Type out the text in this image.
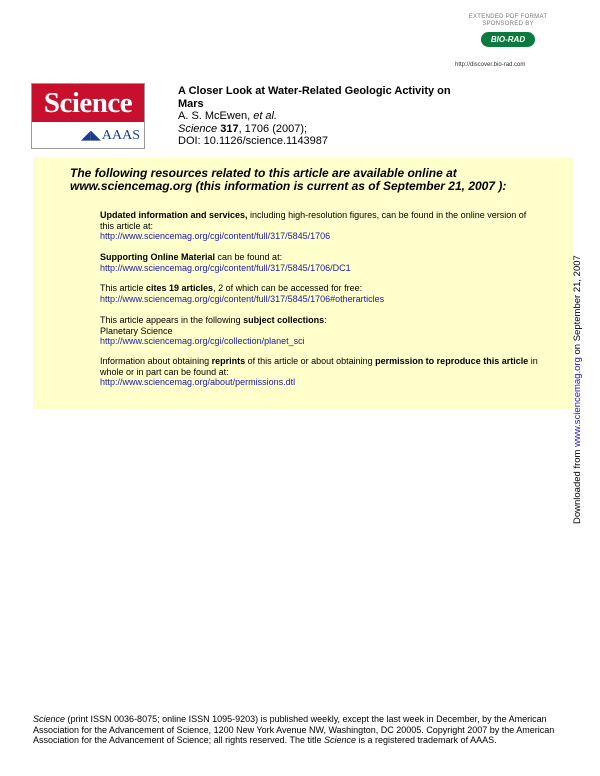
EXTENDED PDF FORMAT
SPONSORED BY
BIO-RAD
http://discover.bio-rad.com
Science
◢◣AAAS
A Closer Look at Water-Related Geologic Activity on Mars
A. S. McEwen, et al.
Science 317, 1706 (2007);
DOI: 10.1126/science.1143987
The following resources related to this article are available online at
www.sciencemag.org (this information is current as of September 21, 2007 ):
Updated information and services, including high-resolution figures, can be found in the online version of this article at:
http://www.sciencemag.org/cgi/content/full/317/5845/1706
Supporting Online Material can be found at:
http://www.sciencemag.org/cgi/content/full/317/5845/1706/DC1
This article cites 19 articles, 2 of which can be accessed for free:
http://www.sciencemag.org/cgi/content/full/317/5845/1706#otherarticles
This article appears in the following subject collections:
Planetary Science
http://www.sciencemag.org/cgi/collection/planet_sci
Information about obtaining reprints of this article or about obtaining permission to reproduce this article in whole or in part can be found at:
http://www.sciencemag.org/about/permissions.dtl
Downloaded from www.sciencemag.org on September 21, 2007
Science (print ISSN 0036-8075; online ISSN 1095-9203) is published weekly, except the last week in December, by the American Association for the Advancement of Science, 1200 New York Avenue NW, Washington, DC 20005. Copyright 2007 by the American Association for the Advancement of Science; all rights reserved. The title Science is a registered trademark of AAAS.
